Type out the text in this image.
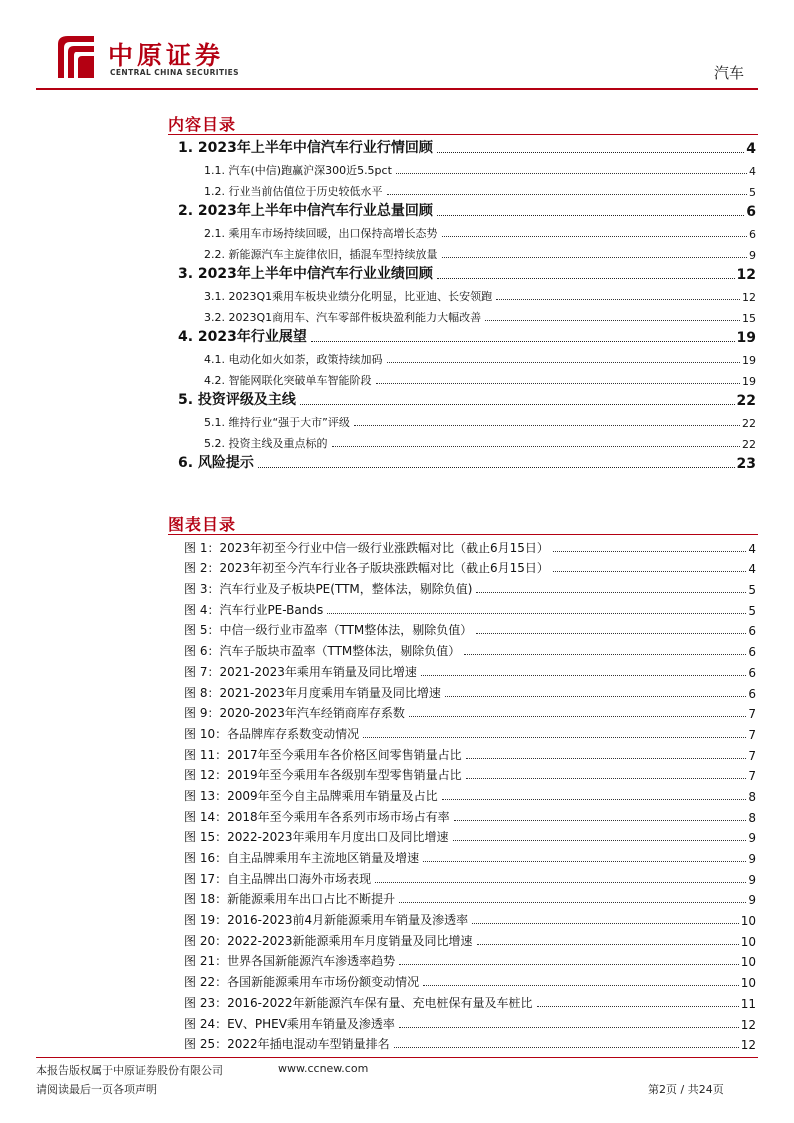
中原证券
CENTRAL CHINA SECURITIES	汽车
内容目录
1. 2023年上半年中信汽车行业行情回顾	4
1.1. 汽车(中信)跑赢沪深300近5.5pct	4
1.2. 行业当前估值位于历史较低水平	5
2. 2023年上半年中信汽车行业总量回顾	6
2.1. 乘用车市场持续回暖，出口保持高增长态势	6
2.2. 新能源汽车主旋律依旧，插混车型持续放量	9
3. 2023年上半年中信汽车行业业绩回顾	12
3.1. 2023Q1乘用车板块业绩分化明显，比亚迪、长安领跑	12
3.2. 2023Q1商用车、汽车零部件板块盈利能力大幅改善	15
4. 2023年行业展望	19
4.1. 电动化如火如荼，政策持续加码	19
4.2. 智能网联化突破单车智能阶段	19
5. 投资评级及主线	22
5.1. 维持行业“强于大市”评级	22
5.2. 投资主线及重点标的	22
6. 风险提示	23
图表目录
图 1：2023年初至今行业中信一级行业涨跌幅对比（截止6月15日）	4
图 2：2023年初至今汽车行业各子版块涨跌幅对比（截止6月15日）	4
图 3：汽车行业及子板块PE(TTM，整体法，剔除负值)	5
图 4：汽车行业PE-Bands	5
图 5：中信一级行业市盈率（TTM整体法，剔除负值）	6
图 6：汽车子版块市盈率（TTM整体法，剔除负值）	6
图 7：2021-2023年乘用车销量及同比增速	6
图 8：2021-2023年月度乘用车销量及同比增速	6
图 9：2020-2023年汽车经销商库存系数	7
图 10：各品牌库存系数变动情况	7
图 11：2017年至今乘用车各价格区间零售销量占比	7
图 12：2019年至今乘用车各级别车型零售销量占比	7
图 13：2009年至今自主品牌乘用车销量及占比	8
图 14：2018年至今乘用车各系列市场市场占有率	8
图 15：2022-2023年乘用车月度出口及同比增速	9
图 16：自主品牌乘用车主流地区销量及增速	9
图 17：自主品牌出口海外市场表现	9
图 18：新能源乘用车出口占比不断提升	9
图 19：2016-2023前4月新能源乘用车销量及渗透率	10
图 20：2022-2023新能源乘用车月度销量及同比增速	10
图 21：世界各国新能源汽车渗透率趋势	10
图 22：各国新能源乘用车市场份额变动情况	10
图 23：2016-2022年新能源汽车保有量、充电桩保有量及车桩比	11
图 24：EV、PHEV乘用车销量及渗透率	12
图 25：2022年插电混动车型销量排名	12
本报告版权属于中原证券股份有限公司	www.ccnew.com
请阅读最后一页各项声明	第2页 / 共24页
